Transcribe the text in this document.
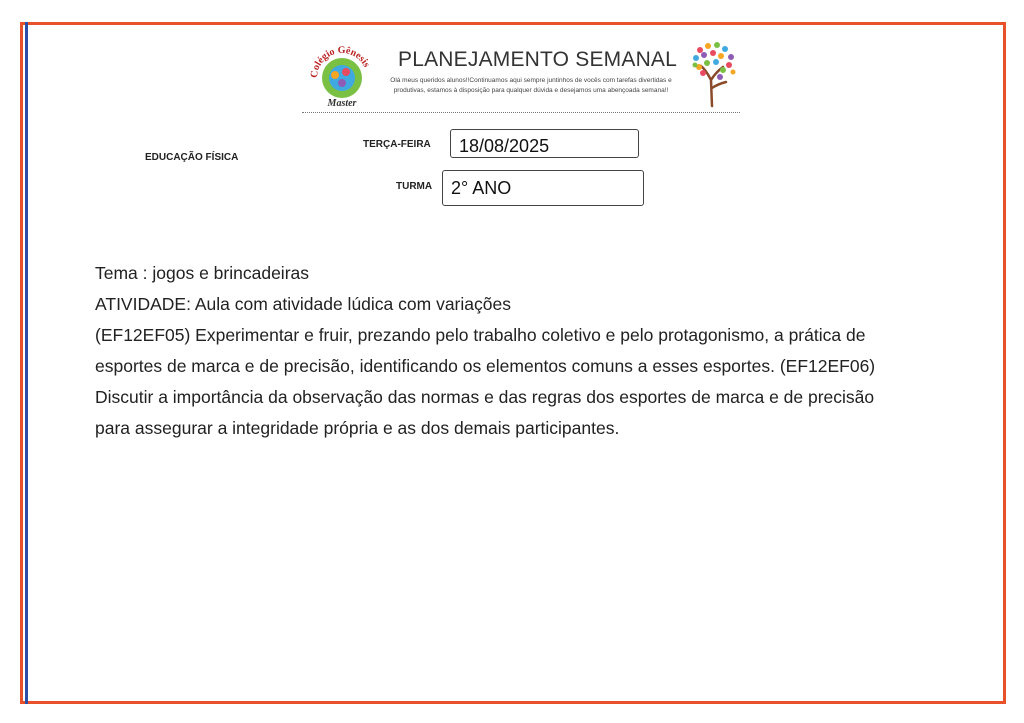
Colégio Gênesis
Master
PLANEJAMENTO SEMANAL
Olá meus queridos alunos!!Continuamos aqui sempre juntinhos de vocês com tarefas divertidas e produtivas, estamos à disposição para qualquer dúvida e desejamos uma abençoada semana!!
EDUCAÇÃO FÍSICA
TERÇA-FEIRA	18/08/2025
TURMA	2° ANO

Tema : jogos e brincadeiras

ATIVIDADE: Aula com atividade lúdica com variações

(EF12EF05) Experimentar e fruir, prezando pelo trabalho coletivo e pelo protagonismo, a prática de esportes de marca e de precisão, identificando os elementos comuns a esses esportes. (EF12EF06) Discutir a importância da observação das normas e das regras dos esportes de marca e de precisão para assegurar a integridade própria e as dos demais participantes.
